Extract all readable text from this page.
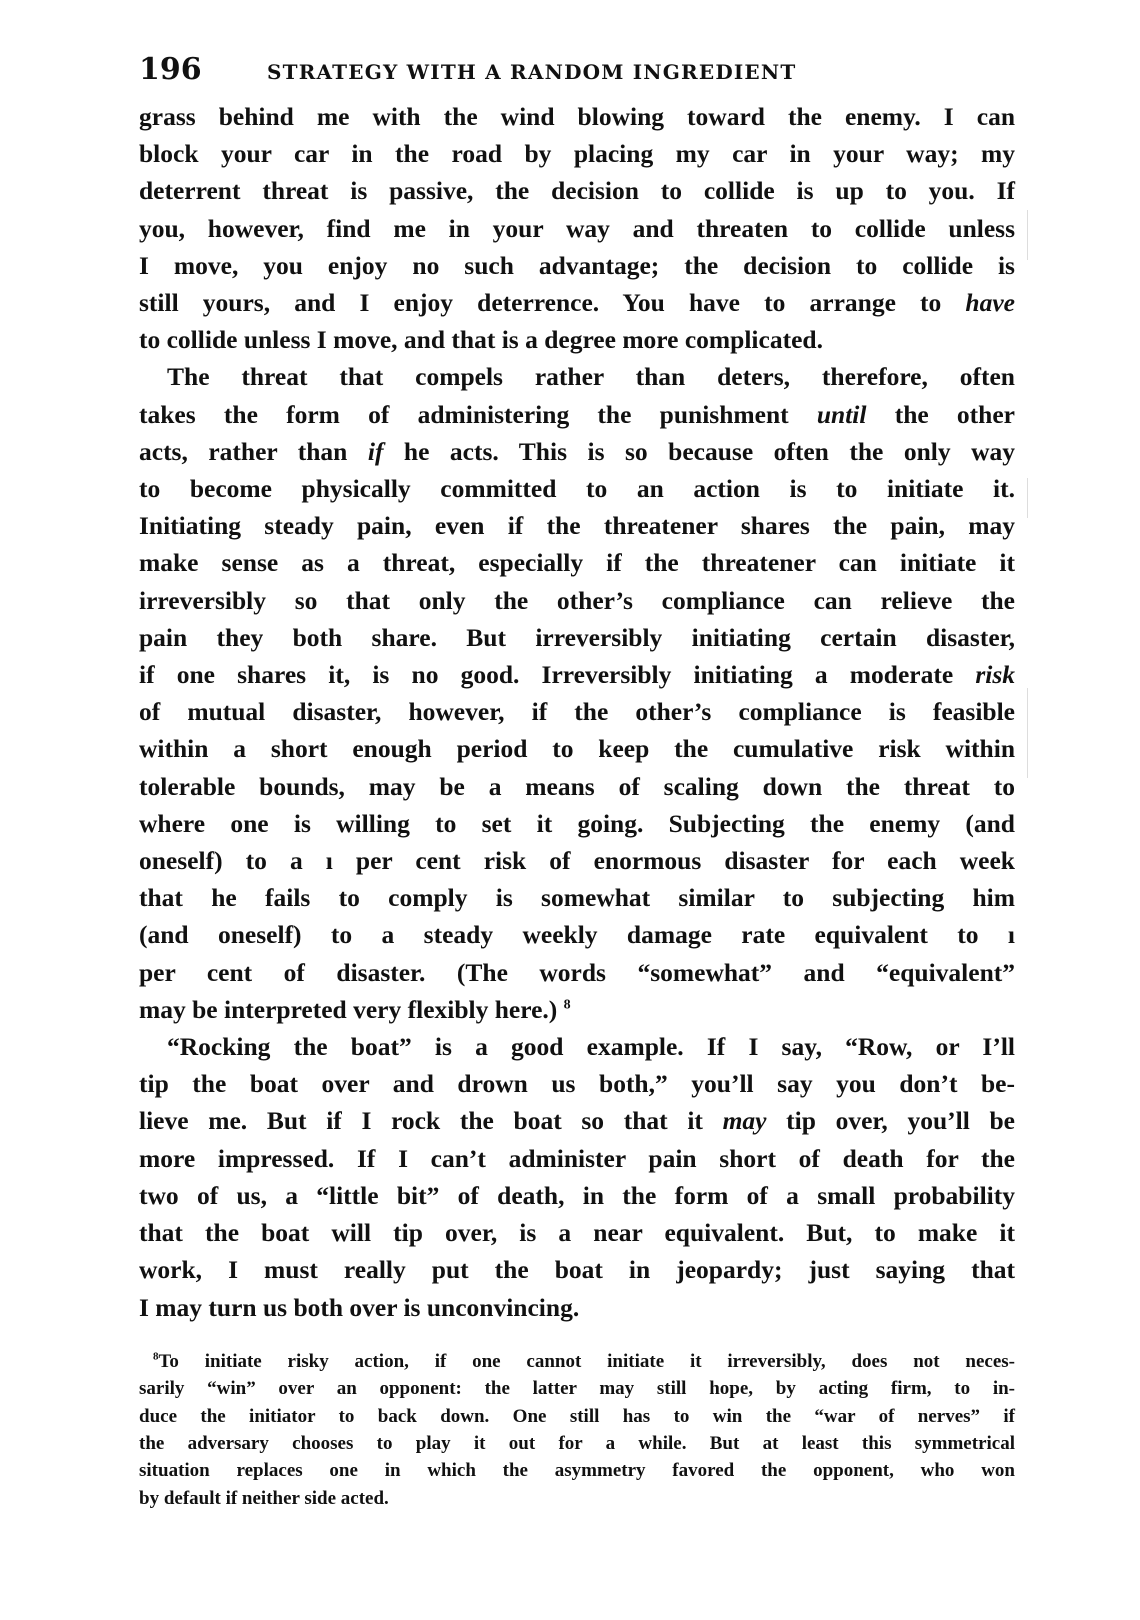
196	STRATEGY WITH A RANDOM INGREDIENT
grass behind me with the wind blowing toward the enemy. I can
block your car in the road by placing my car in your way; my
deterrent threat is passive, the decision to collide is up to you. If
you, however, find me in your way and threaten to collide unless
I move, you enjoy no such advantage; the decision to collide is
still yours, and I enjoy deterrence. You have to arrange to have
to collide unless I move, and that is a degree more complicated.
The threat that compels rather than deters, therefore, often
takes the form of administering the punishment until the other
acts, rather than if he acts. This is so because often the only way
to become physically committed to an action is to initiate it.
Initiating steady pain, even if the threatener shares the pain, may
make sense as a threat, especially if the threatener can initiate it
irreversibly so that only the other’s compliance can relieve the
pain they both share. But irreversibly initiating certain disaster,
if one shares it, is no good. Irreversibly initiating a moderate risk
of mutual disaster, however, if the other’s compliance is feasible
within a short enough period to keep the cumulative risk within
tolerable bounds, may be a means of scaling down the threat to
where one is willing to set it going. Subjecting the enemy (and
oneself) to a ı per cent risk of enormous disaster for each week
that he fails to comply is somewhat similar to subjecting him
(and oneself) to a steady weekly damage rate equivalent to ı
per cent of disaster. (The words “somewhat” and “equivalent”
may be interpreted very flexibly here.) $^8$
“Rocking the boat” is a good example. If I say, “Row, or I’ll
tip the boat over and drown us both,” you’ll say you don’t be-
lieve me. But if I rock the boat so that it may tip over, you’ll be
more impressed. If I can’t administer pain short of death for the
two of us, a “little bit” of death, in the form of a small probability
that the boat will tip over, is a near equivalent. But, to make it
work, I must really put the boat in jeopardy; just saying that
I may turn us both over is unconvincing.
$^8$To initiate risky action, if one cannot initiate it irreversibly, does not neces-
sarily “win” over an opponent: the latter may still hope, by acting firm, to in-
duce the initiator to back down. One still has to win the “war of nerves” if
the adversary chooses to play it out for a while. But at least this symmetrical
situation replaces one in which the asymmetry favored the opponent, who won
by default if neither side acted.
